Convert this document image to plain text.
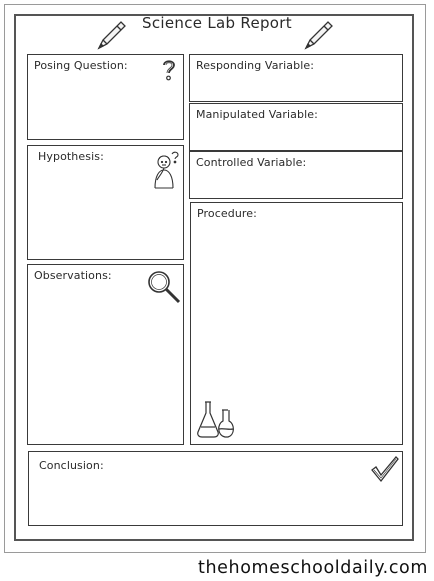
Science Lab Report
Posing Question:	Responding Variable:
Manipulated Variable:
Hypothesis:	Controlled Variable:
Procedure:
Observations:
Conclusion:
thehomeschooldaily.com
